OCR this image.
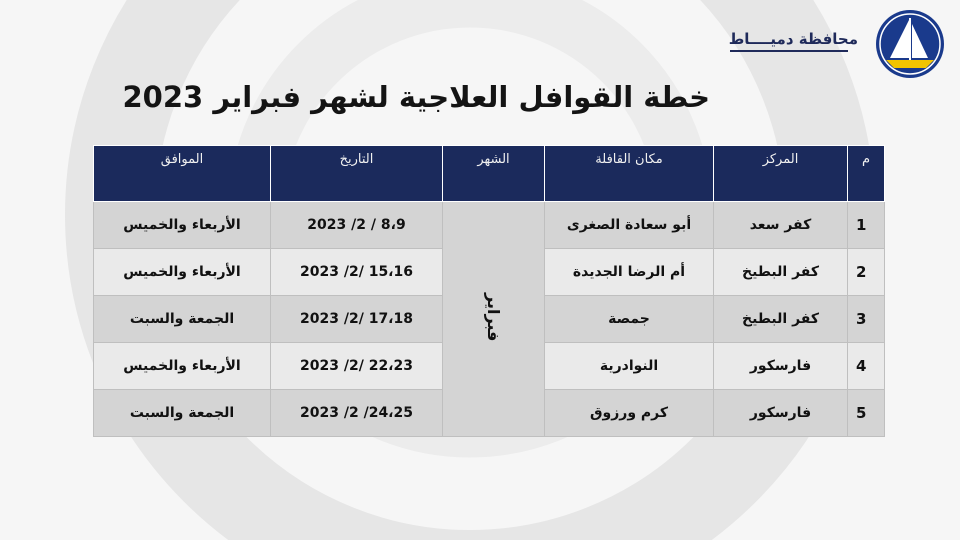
محافظة دميــــاط
خطة القوافل العلاجية لشهر فبراير 2023
م	المركز	مكان القافلة	الشهر	التاريخ	الموافق
1	كفر سعد	أبو سعادة الصغرى	فبراير	8،9 / 2/ 2023	الأربعاء والخميس
2	كفر البطيخ	أم الرضا الجديدة		15،16 /2/ 2023	الأربعاء والخميس
3	كفر البطيخ	جمصة		17،18 /2/ 2023	الجمعة والسبت
4	فارسكور	النوادرية		22،23 /2/ 2023	الأربعاء والخميس
5	فارسكور	كرم ورزوق		24،25/ 2/ 2023	الجمعة والسبت
